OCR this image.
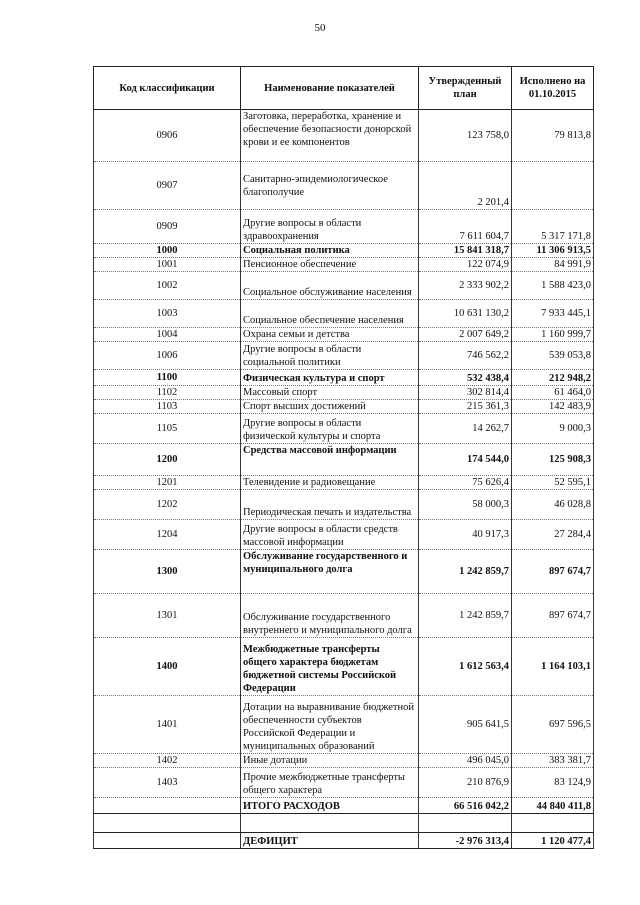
50
Код классификации	Наименование показателей	Утвержденный план	Исполнено на 01.10.2015
0906	Заготовка, переработка, хранение и обеспечение безопасности донорской крови и ее компонентов	123 758,0	79 813,8
0907	Санитарно-эпидемиологическое благополучие	2 201,4	
0909	Другие вопросы в области здравоохранения	7 611 604,7	5 317 171,8
1000	Социальная политика	15 841 318,7	11 306 913,5
1001	Пенсионное обеспечение	122 074,9	84 991,9
1002	Социальное обслуживание населения	2 333 902,2	1 588 423,0
1003	Социальное обеспечение населения	10 631 130,2	7 933 445,1
1004	Охрана семьи и детства	2 007 649,2	1 160 999,7
1006	Другие вопросы в области социальной политики	746 562,2	539 053,8
1100	Физическая культура и спорт	532 438,4	212 948,2
1102	Массовый спорт	302 814,4	61 464,0
1103	Спорт высших достижений	215 361,3	142 483,9
1105	Другие вопросы в области физической культуры и спорта	14 262,7	9 000,3
1200	Средства массовой информации	174 544,0	125 908,3
1201	Телевидение и радиовещание	75 626,4	52 595,1
1202	Периодическая печать и издательства	58 000,3	46 028,8
1204	Другие вопросы в области средств массовой информации	40 917,3	27 284,4
1300	Обслуживание государственного и муниципального долга	1 242 859,7	897 674,7
1301	Обслуживание государственного внутреннего и муниципального долга	1 242 859,7	897 674,7
1400	Межбюджетные трансферты общего характера бюджетам бюджетной системы Российской Федерации	1 612 563,4	1 164 103,1
1401	Дотации на выравнивание бюджетной обеспеченности субъектов Российской Федерации и муниципальных образований	905 641,5	697 596,5
1402	Иные дотации	496 045,0	383 381,7
1403	Прочие межбюджетные трансферты общего характера	210 876,9	83 124,9
	ИТОГО РАСХОДОВ	66 516 042,2	44 840 411,8

	ДЕФИЦИТ	-2 976 313,4	1 120 477,4
